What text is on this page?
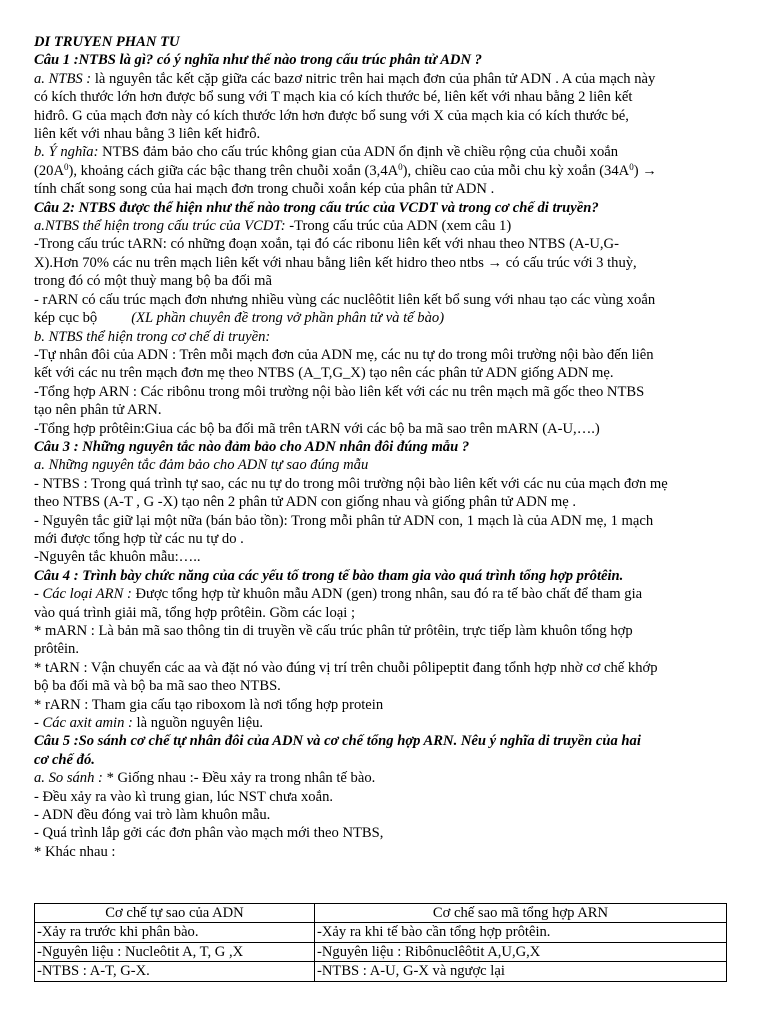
DI TRUYEN PHAN TU
Câu 1 :NTBS là gì? có ý nghĩa như thế nào trong cấu trúc phân tử ADN ?
a. NTBS : là nguyên tắc kết cặp giữa các bazơ nitric trên hai mạch đơn của phân tử ADN . A của mạch này
có kích thước lớn hơn được bổ sung với T mạch kia có kích thước bé, liên kết với nhau bằng 2 liên kết
hiđrô. G của mạch đơn này có kích thước lớn hơn được bổ sung với X của mạch kia có kích thước bé,
liên kết với nhau bằng 3 liên kết hiđrô.
b. Ý nghĩa: NTBS đảm bảo cho cấu trúc không gian của ADN ổn định về chiều rộng của chuỗi xoắn
$(20A^0)$, khoảng cách giữa các bậc thang trên chuỗi xoắn $(3,4A^0)$, chiều cao của mỗi chu kỳ xoắn $(34A^0)$ →
tính chất song song của hai mạch đơn trong chuỗi xoắn kép của phân tử ADN .
Câu 2: NTBS được thể hiện như thế nào trong cấu trúc của VCDT và trong cơ chế di truyền?
a.NTBS thể hiện trong cấu trúc của VCDT: -Trong cấu trúc của ADN (xem câu 1)
-Trong cấu trúc tARN: có những đoạn xoắn, tại đó các ribonu liên kết với nhau theo NTBS (A-U,G-
X).Hơn 70% các nu trên mạch liên kết với nhau bằng liên kết hidro theo ntbs → có cấu trúc với 3 thuỳ,
trong đó có một thuỳ mang bộ ba đối mã
- rARN có cấu trúc mạch đơn nhưng nhiều vùng các nuclêôtit liên kết bổ sung với nhau tạo các vùng xoắn
kép cục bộ (XL phần chuyên đề trong vở phần phân tử và tế bào)
b. NTBS thể hiện trong cơ chế di truyền:
-Tự nhân đôi của ADN : Trên mỗi mạch đơn của ADN mẹ, các nu tự do trong môi trường nội bào đến liên
kết với các nu trên mạch đơn mẹ theo NTBS (A_T,G_X) tạo nên các phân tử ADN giống ADN mẹ.
-Tổng hợp ARN : Các ribônu trong môi trường nội bào liên kết với các nu trên mạch mã gốc theo NTBS
tạo nên phân tử ARN.
-Tổng hợp prôtêin:Giua các bộ ba đối mã trên tARN với các bộ ba mã sao trên mARN (A-U,….)
Câu 3 : Những nguyên tắc nào đảm bảo cho ADN nhân đôi đúng mẫu ?
a. Những nguyên tắc đảm bảo cho ADN tự sao đúng mẫu
- NTBS : Trong quá trình tự sao, các nu tự do trong môi trường nội bào liên kết với các nu của mạch đơn mẹ
theo NTBS (A-T , G -X) tạo nên 2 phân tử ADN con giống nhau và giống phân tử ADN mẹ .
- Nguyên tắc giữ lại một nữa (bán bảo tồn): Trong mỗi phân tử ADN con, 1 mạch là của ADN mẹ, 1 mạch
mới được tổng hợp từ các nu tự do .
-Nguyên tắc khuôn mẫu:…..
Câu 4 : Trình bày chức năng của các yếu tố trong tế bào tham gia vào quá trình tổng hợp prôtêin.
- Các loại ARN : Được tổng hợp từ khuôn mẫu ADN (gen) trong nhân, sau đó ra tế bào chất để tham gia
vào quá trình giải mã, tổng hợp prôtêin. Gồm các loại ;
* mARN : Là bản mã sao thông tin di truyền về cấu trúc phân tử prôtêin, trực tiếp làm khuôn tổng hợp
prôtêin.
* tARN : Vận chuyển các aa và đặt nó vào đúng vị trí trên chuỗi pôlipeptit đang tổnh hợp nhờ cơ chế khớp
bộ ba đối mã và bộ ba mã sao theo NTBS.
* rARN : Tham gia cấu tạo riboxom là nơi tổng hợp protein
- Các axit amin : là nguồn nguyên liệu.
Câu 5 :So sánh cơ chế tự nhân đôi của ADN và cơ chế tổng hợp ARN. Nêu ý nghĩa di truyền của hai
cơ chế đó.
a. So sánh : * Giống nhau :- Đều xảy ra trong nhân tế bào.
- Đều xảy ra vào kì trung gian, lúc NST chưa xoắn.
- ADN đều đóng vai trò làm khuôn mẫu.
- Quá trình lắp gởi các đơn phân vào mạch mới theo NTBS,
* Khác nhau :
Cơ chế tự sao của ADN	Cơ chế sao mã tổng hợp ARN
-Xảy ra trước khi phân bào.	-Xảy ra khi tế bào cần tổng hợp prôtêin.
-Nguyên liệu : Nucleôtit A, T, G ,X	-Nguyên liệu : Ribônuclêôtit A,U,G,X
-NTBS : A-T, G-X.	-NTBS : A-U, G-X và ngược lại
